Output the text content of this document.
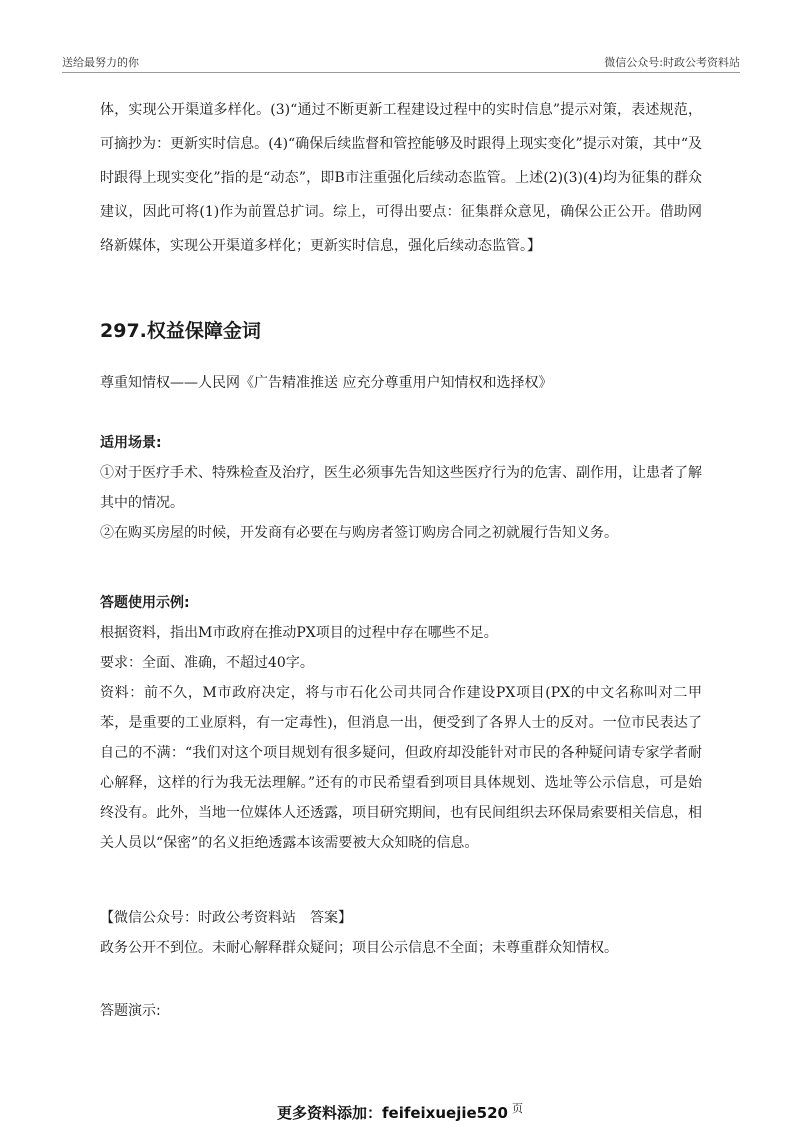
送给最努力的你	微信公众号:时政公考资料站

体，实现公开渠道多样化。(3)“通过不断更新工程建设过程中的实时信息”提示对策，表述规范，可摘抄为：更新实时信息。(4)“确保后续监督和管控能够及时跟得上现实变化”提示对策，其中“及时跟得上现实变化”指的是“动态”，即B市注重强化后续动态监管。上述(2)(3)(4)均为征集的群众建议，因此可将(1)作为前置总扩词。综上，可得出要点：征集群众意见，确保公正公开。借助网络新媒体，实现公开渠道多样化；更新实时信息，强化后续动态监管。】

297.权益保障金词

尊重知情权——人民网《广告精准推送 应充分尊重用户知情权和选择权》

适用场景:

①对于医疗手术、特殊检查及治疗，医生必须事先告知这些医疗行为的危害、副作用，让患者了解其中的情况。

②在购买房屋的时候，开发商有必要在与购房者签订购房合同之初就履行告知义务。

答题使用示例:

根据资料，指出M市政府在推动PX项目的过程中存在哪些不足。

要求：全面、准确，不超过40字。

资料：前不久，M市政府决定，将与市石化公司共同合作建设PX项目(PX的中文名称叫对二甲苯，是重要的工业原料，有一定毒性)，但消息一出，便受到了各界人士的反对。一位市民表达了自己的不满：“我们对这个项目规划有很多疑问，但政府却没能针对市民的各种疑问请专家学者耐心解释，这样的行为我无法理解。”还有的市民希望看到项目具体规划、选址等公示信息，可是始终没有。此外，当地一位媒体人还透露，项目研究期间，也有民间组织去环保局索要相关信息，相关人员以“保密”的名义拒绝透露本该需要被大众知晓的信息。

【微信公众号：时政公考资料站　答案】

政务公开不到位。未耐心解释群众疑问；项目公示信息不全面；未尊重群众知情权。

答题演示:

更多资料添加：feifeixuejie520 $^页$
